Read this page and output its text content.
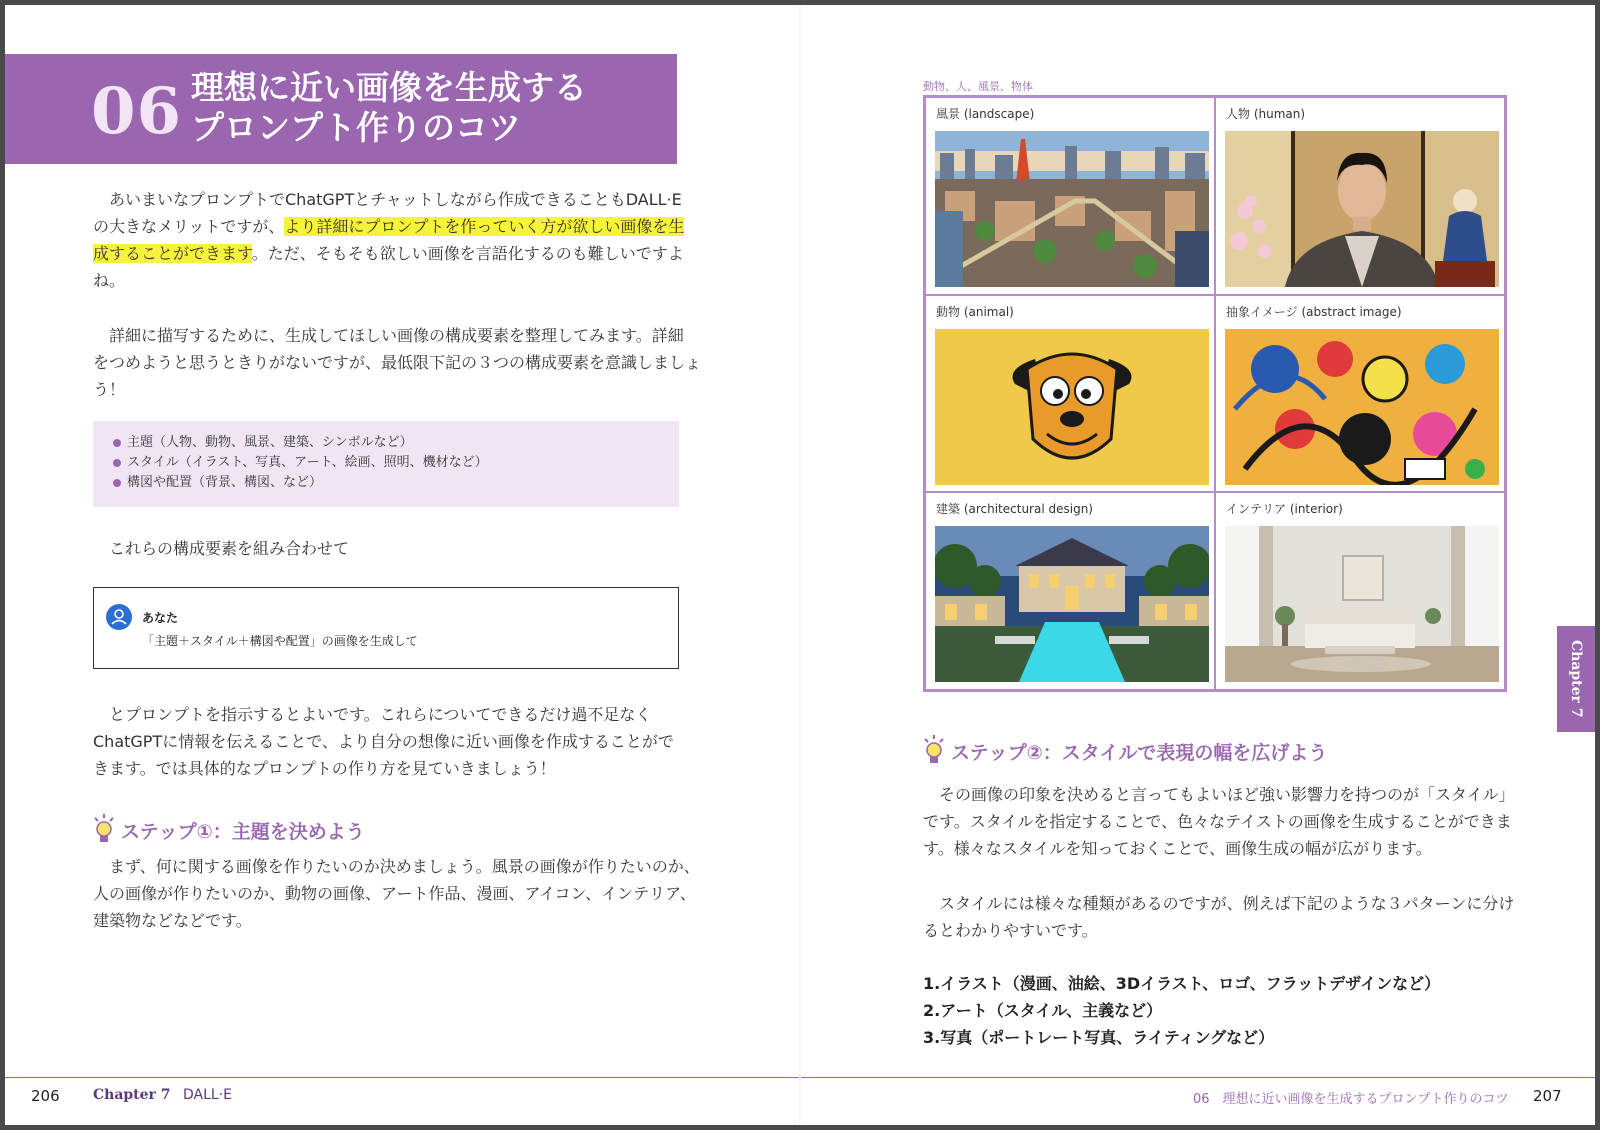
06 理想に近い画像を生成する
プロンプト作りのコツ
　あいまいなプロンプトでChatGPTとチャットしながら作成できることもDALL·E
の大きなメリットですが、より詳細にプロンプトを作っていく方が欲しい画像を生
成することができます。ただ、そもそも欲しい画像を言語化するのも難しいですよ
ね。
　詳細に描写するために、生成してほしい画像の構成要素を整理してみます。詳細
をつめようと思うときりがないですが、最低限下記の３つの構成要素を意識しましょ
う！
主題（人物、動物、風景、建築、シンボルなど）
スタイル（イラスト、写真、アート、絵画、照明、機材など）
構図や配置（背景、構図、など）
　これらの構成要素を組み合わせて
あなた
「主題＋スタイル＋構図や配置」の画像を生成して
　とプロンプトを指示するとよいです。これらについてできるだけ過不足なく
ChatGPTに情報を伝えることで、より自分の想像に近い画像を作成することがで
きます。では具体的なプロンプトの作り方を見ていきましょう！
ステップ①：主題を決めよう
　まず、何に関する画像を作りたいのか決めましょう。風景の画像が作りたいのか、
人の画像が作りたいのか、動物の画像、アート作品、漫画、アイコン、インテリア、
建築物などなどです。
動物、人、風景、物体
風景 (landscape)	人物 (human)
動物 (animal)	抽象イメージ (abstract image)
建築 (architectural design)	インテリア (interior)
Chapter 7
ステップ②：スタイルで表現の幅を広げよう
　その画像の印象を決めると言ってもよいほど強い影響力を持つのが「スタイル」
です。スタイルを指定することで、色々なテイストの画像を生成することができま
す。様々なスタイルを知っておくことで、画像生成の幅が広がります。
　スタイルには様々な種類があるのですが、例えば下記のような３パターンに分け
るとわかりやすいです。
1.イラスト（漫画、油絵、3Dイラスト、ロゴ、フラットデザインなど）
2.アート（スタイル、主義など）
3.写真（ポートレート写真、ライティングなど）
206 Chapter 7 DALL·E	06　理想に近い画像を生成するプロンプト作りのコツ 207
